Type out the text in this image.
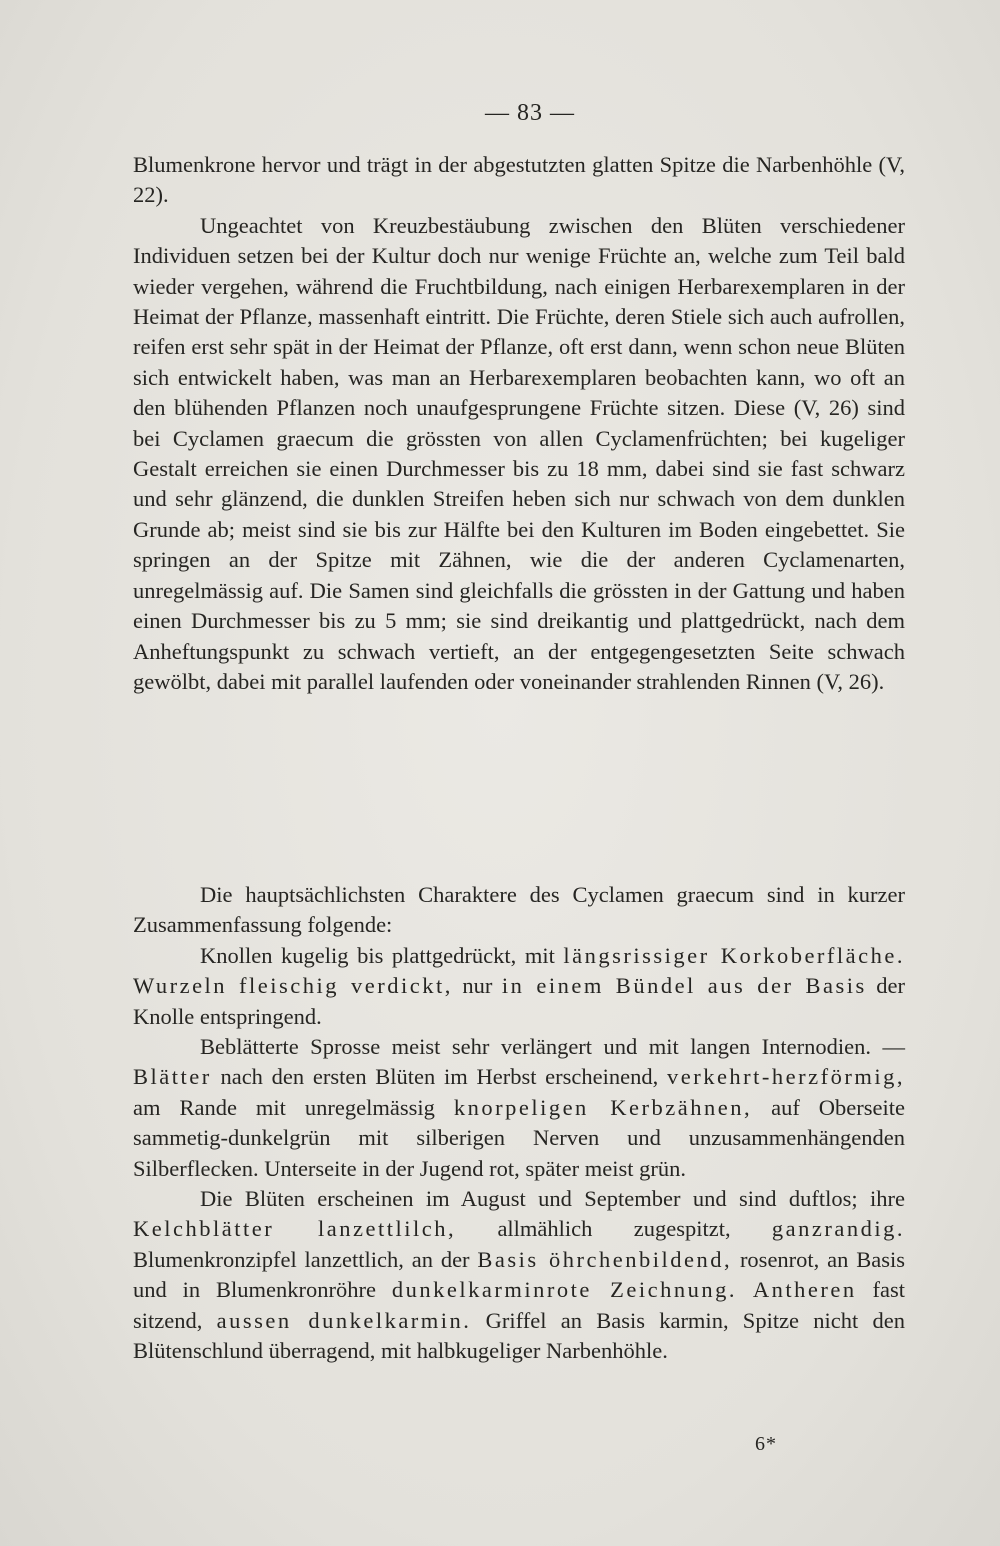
— 83 —

Blumenkrone hervor und trägt in der abgestutzten glatten Spitze die Narbenhöhle (V, 22).

Ungeachtet von Kreuzbestäubung zwischen den Blüten verschiedener Individuen setzen bei der Kultur doch nur wenige Früchte an, welche zum Teil bald wieder vergehen, während die Fruchtbildung, nach einigen Herbarexemplaren in der Heimat der Pflanze, massenhaft eintritt. Die Früchte, deren Stiele sich auch aufrollen, reifen erst sehr spät in der Heimat der Pflanze, oft erst dann, wenn schon neue Blüten sich entwickelt haben, was man an Herbarexemplaren beobachten kann, wo oft an den blühenden Pflanzen noch unaufgesprungene Früchte sitzen. Diese (V, 26) sind bei Cyclamen graecum die grössten von allen Cyclamenfrüchten; bei kugeliger Gestalt erreichen sie einen Durchmesser bis zu 18 mm, dabei sind sie fast schwarz und sehr glänzend, die dunklen Streifen heben sich nur schwach von dem dunklen Grunde ab; meist sind sie bis zur Hälfte bei den Kulturen im Boden eingebettet. Sie springen an der Spitze mit Zähnen, wie die der anderen Cyclamenarten, unregelmässig auf. Die Samen sind gleichfalls die grössten in der Gattung und haben einen Durchmesser bis zu 5 mm; sie sind dreikantig und plattgedrückt, nach dem Anheftungspunkt zu schwach vertieft, an der entgegengesetzten Seite schwach gewölbt, dabei mit parallel laufenden oder voneinander strahlenden Rinnen (V, 26).

Die hauptsächlichsten Charaktere des Cyclamen graecum sind in kurzer Zusammenfassung folgende:

Knollen kugelig bis plattgedrückt, mit längsrissiger Korkoberfläche. Wurzeln fleischig verdickt, nur in einem Bündel aus der Basis der Knolle entspringend.

Beblätterte Sprosse meist sehr verlängert und mit langen Internodien. — Blätter nach den ersten Blüten im Herbst erscheinend, verkehrt-herzförmig, am Rande mit unregelmässig knorpeligen Kerbzähnen, auf Oberseite sammetig-dunkelgrün mit silberigen Nerven und unzusammenhängenden Silberflecken. Unterseite in der Jugend rot, später meist grün.

Die Blüten erscheinen im August und September und sind duftlos; ihre Kelchblätter lanzettlilch, allmählich zugespitzt, ganzrandig. Blumenkronzipfel lanzettlich, an der Basis öhrchenbildend, rosenrot, an Basis und in Blumenkronröhre dunkelkarminrote Zeichnung. Antheren fast sitzend, aussen dunkelkarmin. Griffel an Basis karmin, Spitze nicht den Blütenschlund überragend, mit halbkugeliger Narbenhöhle.

6*
